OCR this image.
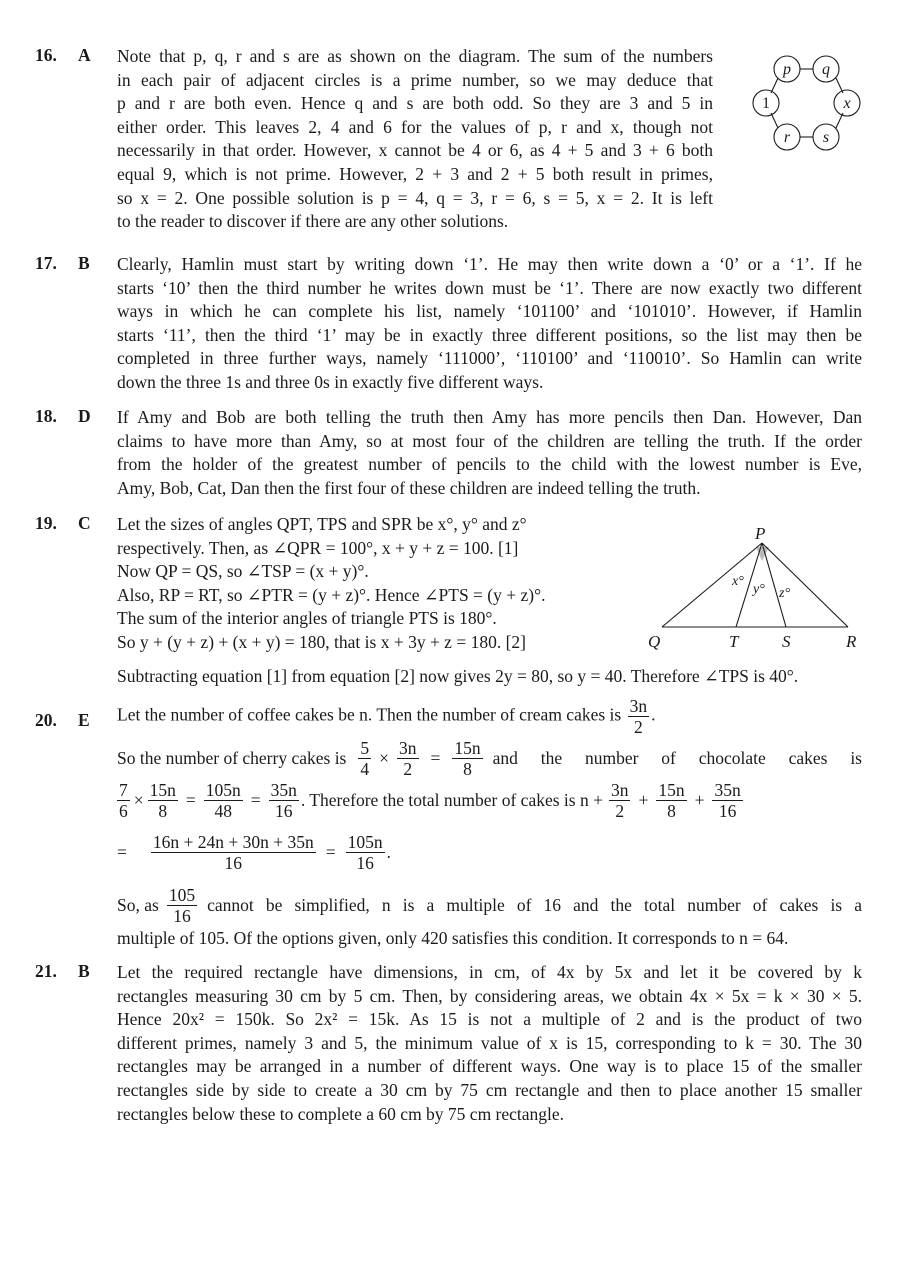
16. A Note that p, q, r and s are as shown on the diagram. The sum of the numbers
in each pair of adjacent circles is a prime number, so we may deduce that
p and r are both even. Hence q and s are both odd. So they are 3 and 5 in
either order. This leaves 2, 4 and 6 for the values of p, r and x, though not
necessarily in that order. However, x cannot be 4 or 6, as 4 + 5 and 3 + 6 both
equal 9, which is not prime. However, 2 + 3 and 2 + 5 both result in primes,
so x = 2. One possible solution is p = 4, q = 3, r = 6, s = 5, x = 2. It is left
to the reader to discover if there are any other solutions.
p q
1	x
r s
17. B Clearly, Hamlin must start by writing down ‘1’. He may then write down a ‘0’ or a ‘1’. If he
starts ‘10’ then the third number he writes down must be ‘1’. There are now exactly two different
ways in which he can complete his list, namely ‘101100’ and ‘101010’. However, if Hamlin
starts ‘11’, then the third ‘1’ may be in exactly three different positions, so the list may then be
completed in three further ways, namely ‘111000’, ‘110100’ and ‘110010’. So Hamlin can write
down the three 1s and three 0s in exactly five different ways.
18. D If Amy and Bob are both telling the truth then Amy has more pencils then Dan. However, Dan
claims to have more than Amy, so at most four of the children are telling the truth. If the order
from the holder of the greatest number of pencils to the child with the lowest number is Eve,
Amy, Bob, Cat, Dan then the first four of these children are indeed telling the truth.
19. C Let the sizes of angles QPT, TPS and SPR be x°, y° and z°
respectively. Then, as ∠QPR = 100°, x + y + z = 100. [1]
Now QP = QS, so ∠TSP = (x + y)°.
Also, RP = RT, so ∠PTR = (y + z)°. Hence ∠PTS = (y + z)°.
The sum of the interior angles of triangle PTS is 180°.
So y + (y + z) + (x + y) = 180, that is x + 3y + z = 180. [2]
P
Q	T	S	R
x°
y° z°
Subtracting equation [1] from equation [2] now gives 2y = 80, so y = 40. Therefore ∠TPS is 40°.
20. E Let the number of coffee cakes be n. Then the number of cream cakes is $\frac{3n}{2}$ .
So the number of cherry cakes is $\frac{5}{4} \times \frac{3n}{2} = \frac{15n}{8}$ and the number of chocolate cakes is
$\frac{7}{6} \times \frac{15n}{8} = \frac{105n}{48} = \frac{35n}{16}$ . Therefore the total number of cakes is $n + \frac{3n}{2} + \frac{15n}{8} + \frac{35n}{16}$
= $\frac{16n + 24n + 30n + 35n}{16} = \frac{105n}{16}$ .
So, as $\frac{105}{16}$ cannot be simplified, n is a multiple of 16 and the total number of cakes is a
multiple of 105. Of the options given, only 420 satisfies this condition. It corresponds to n = 64.
21. B Let the required rectangle have dimensions, in cm, of 4x by 5x and let it be covered by k
rectangles measuring 30 cm by 5 cm. Then, by considering areas, we obtain 4x × 5x = k × 30 × 5.
Hence 20x² = 150k. So 2x² = 15k. As 15 is not a multiple of 2 and is the product of two
different primes, namely 3 and 5, the minimum value of x is 15, corresponding to k = 30. The 30
rectangles may be arranged in a number of different ways. One way is to place 15 of the smaller
rectangles side by side to create a 30 cm by 75 cm rectangle and then to place another 15 smaller
rectangles below these to complete a 60 cm by 75 cm rectangle.
